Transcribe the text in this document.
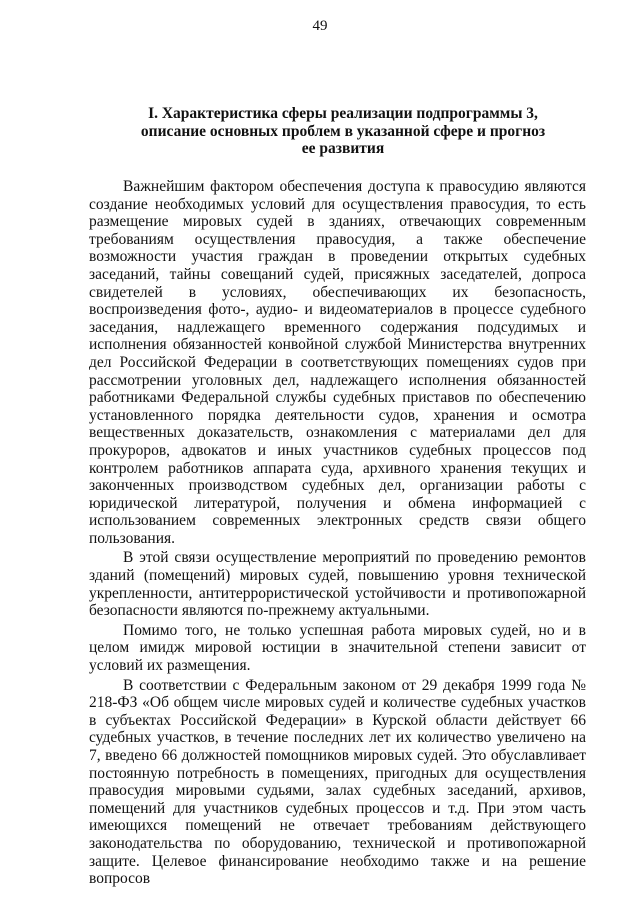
49
I. Характеристика сферы реализации подпрограммы 3,
описание основных проблем в указанной сфере и прогноз
ее развития

Важнейшим фактором обеспечения доступа к правосудию являются создание необходимых условий для осуществления правосудия, то есть размещение мировых судей в зданиях, отвечающих современным требованиям осуществления правосудия, а также обеспечение возможности участия граждан в проведении открытых судебных заседаний, тайны совещаний судей, присяжных заседателей, допроса свидетелей в условиях, обеспечивающих их безопасность, воспроизведения фото-, аудио- и видеоматериалов в процессе судебного заседания, надлежащего временного содержания подсудимых и исполнения обязанностей конвойной службой Министерства внутренних дел Российской Федерации в соответствующих помещениях судов при рассмотрении уголовных дел, надлежащего исполнения обязанностей работниками Федеральной службы судебных приставов по обеспечению установленного порядка деятельности судов, хранения и осмотра вещественных доказательств, ознакомления с материалами дел для прокуроров, адвокатов и иных участников судебных процессов под контролем работников аппарата суда, архивного хранения текущих и законченных производством судебных дел, организации работы с юридической литературой, получения и обмена информацией с использованием современных электронных средств связи общего пользования.

В этой связи осуществление мероприятий по проведению ремонтов зданий (помещений) мировых судей, повышению уровня технической укрепленности, антитеррористической устойчивости и противопожарной безопасности являются по-прежнему актуальными.

Помимо того, не только успешная работа мировых судей, но и в целом имидж мировой юстиции в значительной степени зависит от условий их размещения.

В соответствии с Федеральным законом от 29 декабря 1999 года № 218-ФЗ «Об общем числе мировых судей и количестве судебных участков в субъектах Российской Федерации» в Курской области действует 66 судебных участков, в течение последних лет их количество увеличено на 7, введено 66 должностей помощников мировых судей. Это обуславливает постоянную потребность в помещениях, пригодных для осуществления правосудия мировыми судьями, залах судебных заседаний, архивов, помещений для участников судебных процессов и т.д. При этом часть имеющихся помещений не отвечает требованиям действующего законодательства по оборудованию, технической и противопожарной защите. Целевое финансирование необходимо также и на решение вопросов
